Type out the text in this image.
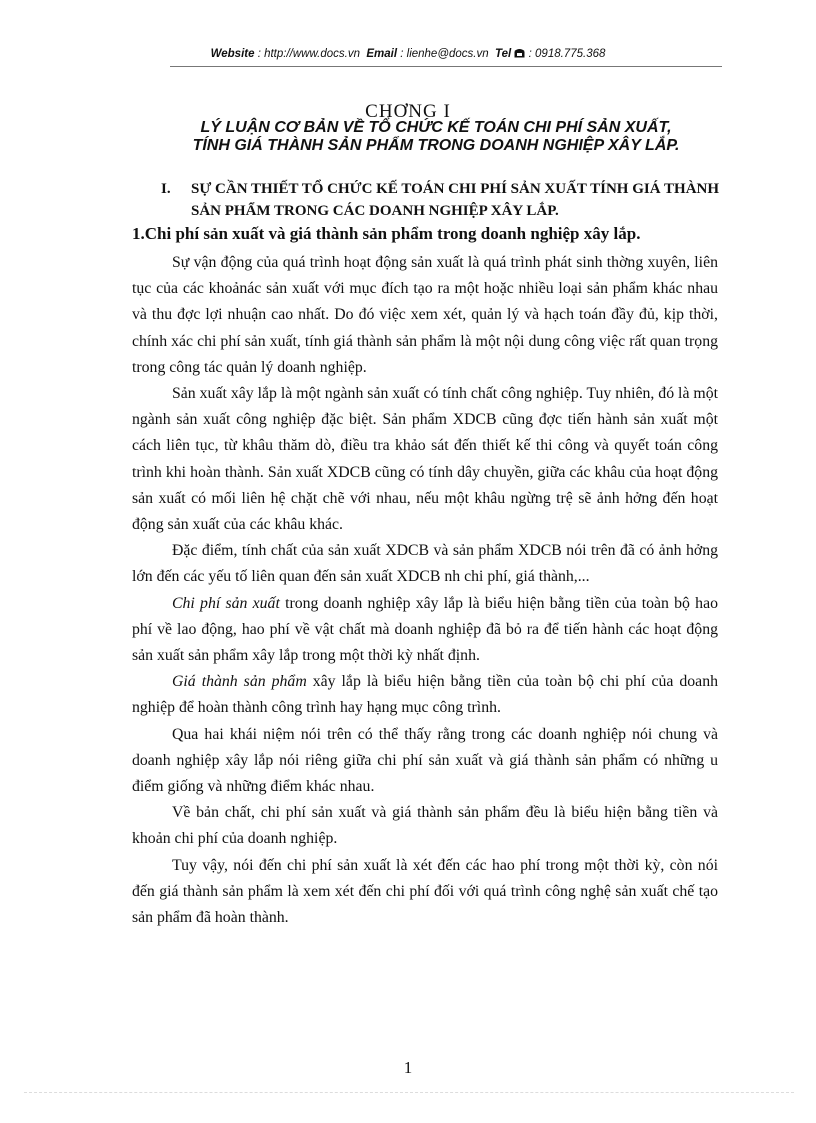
Website : http://www.docs.vn Email : lienhe@docs.vn Tel : 0918.775.368
CHƠNG I
LÝ LUẬN CƠ BẢN VỀ TỔ CHỨC KẾ TOÁN CHI PHÍ SẢN XUẤT,
TÍNH GIÁ THÀNH SẢN PHẨM TRONG DOANH NGHIỆP XÂY LẮP.
I. SỰ CẦN THIẾT TỔ CHỨC KẾ TOÁN CHI PHÍ SẢN XUẤT TÍNH GIÁ THÀNH SẢN PHẨM TRONG CÁC DOANH NGHIỆP XÂY LẮP.
1.Chi phí sản xuất và giá thành sản phẩm trong doanh nghiệp xây lắp.

Sự vận động của quá trình hoạt động sản xuất là quá trình phát sinh thờng xuyên, liên tục của các khoảnác sản xuất với mục đích tạo ra một hoặc nhiều loại sản phẩm khác nhau và thu đợc lợi nhuận cao nhất. Do đó việc xem xét, quản lý và hạch toán đầy đủ, kịp thời, chính xác chi phí sản xuất, tính giá thành sản phẩm là một nội dung công việc rất quan trọng trong công tác quản lý doanh nghiệp.

Sản xuất xây lắp là một ngành sản xuất có tính chất công nghiệp. Tuy nhiên, đó là một ngành sản xuất công nghiệp đặc biệt. Sản phẩm XDCB cũng đợc tiến hành sản xuất một cách liên tục, từ khâu thăm dò, điều tra khảo sát đến thiết kế thi công và quyết toán công trình khi hoàn thành. Sản xuất XDCB cũng có tính dây chuyền, giữa các khâu của hoạt động sản xuất có mối liên hệ chặt chẽ với nhau, nếu một khâu ngừng trệ sẽ ảnh hởng đến hoạt động sản xuất của các khâu khác.

Đặc điểm, tính chất của sản xuất XDCB và sản phẩm XDCB nói trên đã có ảnh hởng lớn đến các yếu tố liên quan đến sản xuất XDCB nh chi phí, giá thành,...

Chi phí sản xuất trong doanh nghiệp xây lắp là biểu hiện bằng tiền của toàn bộ hao phí về lao động, hao phí về vật chất mà doanh nghiệp đã bỏ ra để tiến hành các hoạt động sản xuất sản phẩm xây lắp trong một thời kỳ nhất định.

Giá thành sản phẩm xây lắp là biểu hiện bằng tiền của toàn bộ chi phí của doanh nghiệp để hoàn thành công trình hay hạng mục công trình.

Qua hai khái niệm nói trên có thể thấy rằng trong các doanh nghiệp nói chung và doanh nghiệp xây lắp nói riêng giữa chi phí sản xuất và giá thành sản phẩm có những u điểm giống và những điểm khác nhau.

Về bản chất, chi phí sản xuất và giá thành sản phẩm đều là biểu hiện bằng tiền và khoản chi phí của doanh nghiệp.

Tuy vậy, nói đến chi phí sản xuất là xét đến các hao phí trong một thời kỳ, còn nói đến giá thành sản phẩm là xem xét đến chi phí đối với quá trình công nghệ sản xuất chế tạo sản phẩm đã hoàn thành.

1
